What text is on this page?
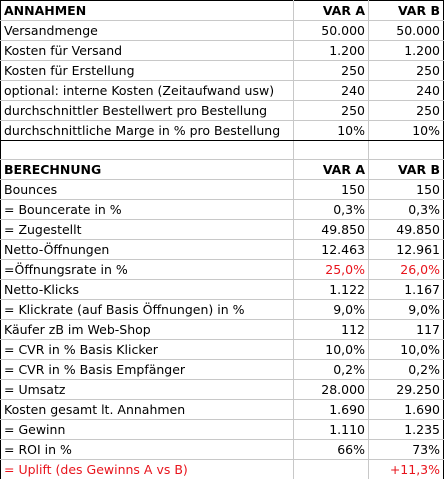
ANNAHMEN	VAR A	VAR B
Versandmenge	50.000	50.000
Kosten für Versand	1.200	1.200
Kosten für Erstellung	250	250
optional: interne Kosten (Zeitaufwand usw)	240	240
durchschnittler Bestellwert pro Bestellung	250	250
durchschnittliche Marge in % pro Bestellung	10%	10%

BERECHNUNG	VAR A	VAR B
Bounces	150	150
= Bouncerate in %	0,3%	0,3%
= Zugestellt	49.850	49.850
Netto-Öffnungen	12.463	12.961
=Öffnungsrate in %	25,0%	26,0%
Netto-Klicks	1.122	1.167
= Klickrate (auf Basis Öffnungen) in %	9,0%	9,0%
Käufer zB im Web-Shop	112	117
= CVR in % Basis Klicker	10,0%	10,0%
= CVR in % Basis Empfänger	0,2%	0,2%
= Umsatz	28.000	29.250
Kosten gesamt lt. Annahmen	1.690	1.690
= Gewinn	1.110	1.235
= ROI in %	66%	73%
= Uplift (des Gewinns A vs B)		+11,3%
